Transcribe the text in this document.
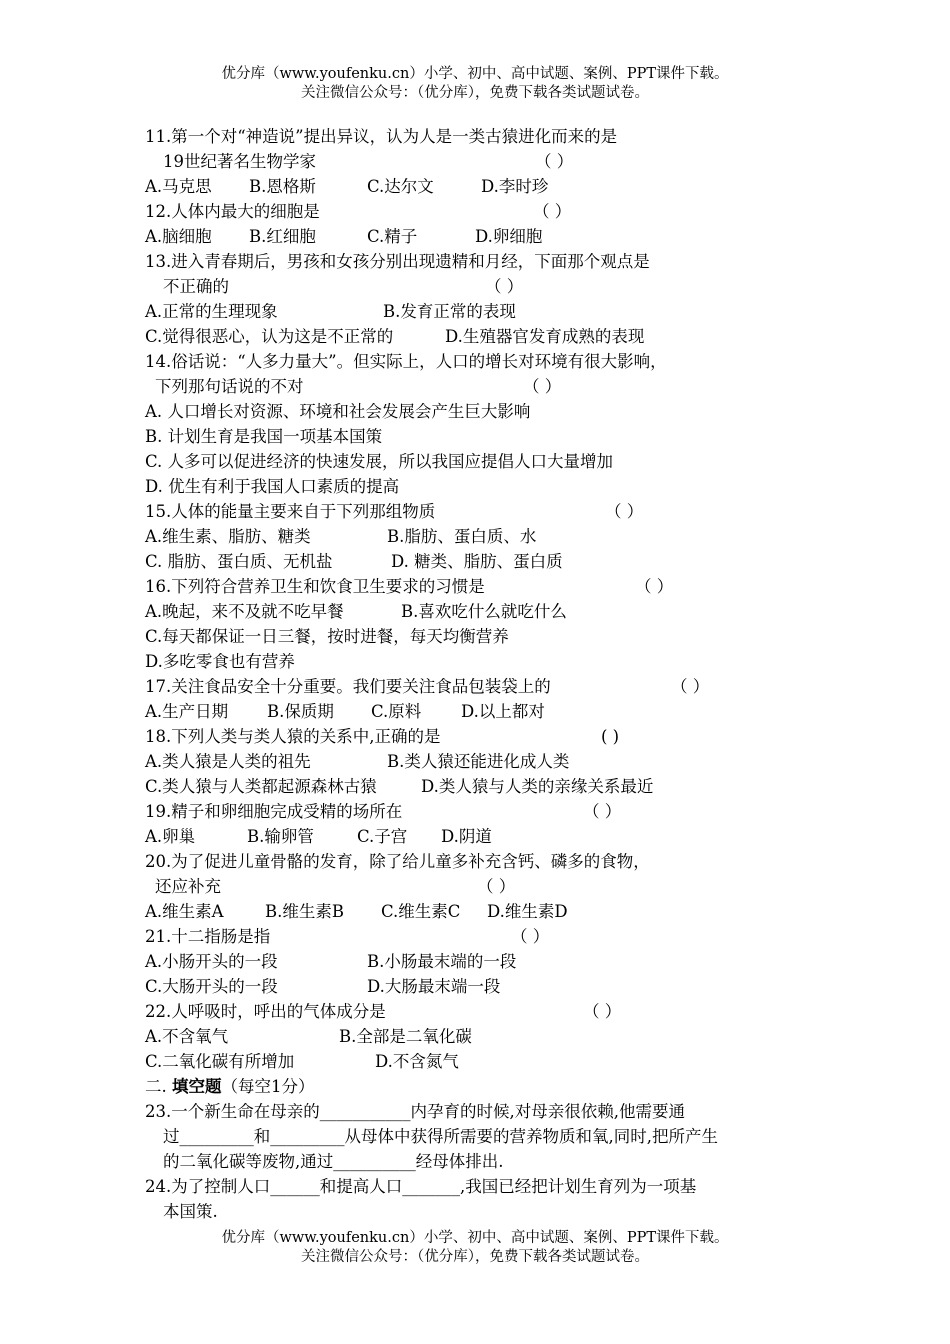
优分库（www.youfenku.cn）小学、初中、高中试题、案例、PPT课件下载。
关注微信公众号：（优分库），免费下载各类试题试卷。
11.第一个对“神造说”提出异议，认为人是一类古猿进化而来的是
19世纪著名生物学家	（ ）
A.马克思 B.恩格斯	C.达尔文	D.李时珍
12.人体内最大的细胞是	（ ）
A.脑细胞 B.红细胞	C.精子	D.卵细胞
13.进入青春期后，男孩和女孩分别出现遗精和月经，下面那个观点是
不正确的	（ ）
A.正常的生理现象	B.发育正常的表现
C.觉得很恶心，认为这是不正常的	D.生殖器官发育成熟的表现
14.俗话说：“人多力量大”。但实际上，人口的增长对环境有很大影响，
下列那句话说的不对	（ ）
A. 人口增长对资源、环境和社会发展会产生巨大影响
B. 计划生育是我国一项基本国策
C. 人多可以促进经济的快速发展，所以我国应提倡人口大量增加
D. 优生有利于我国人口素质的提高
15.人体的能量主要来自于下列那组物质	（ ）
A.维生素、脂肪、糖类	B.脂肪、蛋白质、水
C. 脂肪、蛋白质、无机盐	D. 糖类、脂肪、蛋白质
16.下列符合营养卫生和饮食卫生要求的习惯是	（ ）
A.晚起，来不及就不吃早餐	B.喜欢吃什么就吃什么
C.每天都保证一日三餐，按时进餐，每天均衡营养
D.多吃零食也有营养
17.关注食品安全十分重要。我们要关注食品包装袋上的	（ ）
A.生产日期 B.保质期 C.原料 D.以上都对
18.下列人类与类人猿的关系中,正确的是	( )
A.类人猿是人类的祖先	B.类人猿还能进化成人类
C.类人猿与人类都起源森林古猿	D.类人猿与人类的亲缘关系最近
19.精子和卵细胞完成受精的场所在	（ ）
A.卵巢	B.输卵管	C.子宫 D.阴道
20.为了促进儿童骨骼的发育，除了给儿童多补充含钙、磷多的食物，
还应补充	（ ）
A.维生素A	B.维生素B C.维生素C D.维生素D
21.十二指肠是指	（ ）
A.小肠开头的一段	B.小肠最末端的一段
C.大肠开头的一段	D.大肠最末端一段
22.人呼吸时，呼出的气体成分是	（ ）
A.不含氧气	B.全部是二氧化碳
C.二氧化碳有所增加	D.不含氮气
二. 填空题（每空1分）
23.一个新生命在母亲的___________内孕育的时候,对母亲很依赖,他需要通
过_________和_________从母体中获得所需要的营养物质和氧,同时,把所产生
的二氧化碳等废物,通过__________经母体排出.
24.为了控制人口______和提高人口_______,我国已经把计划生育列为一项基
本国策.
优分库（www.youfenku.cn）小学、初中、高中试题、案例、PPT课件下载。
关注微信公众号：（优分库），免费下载各类试题试卷。
